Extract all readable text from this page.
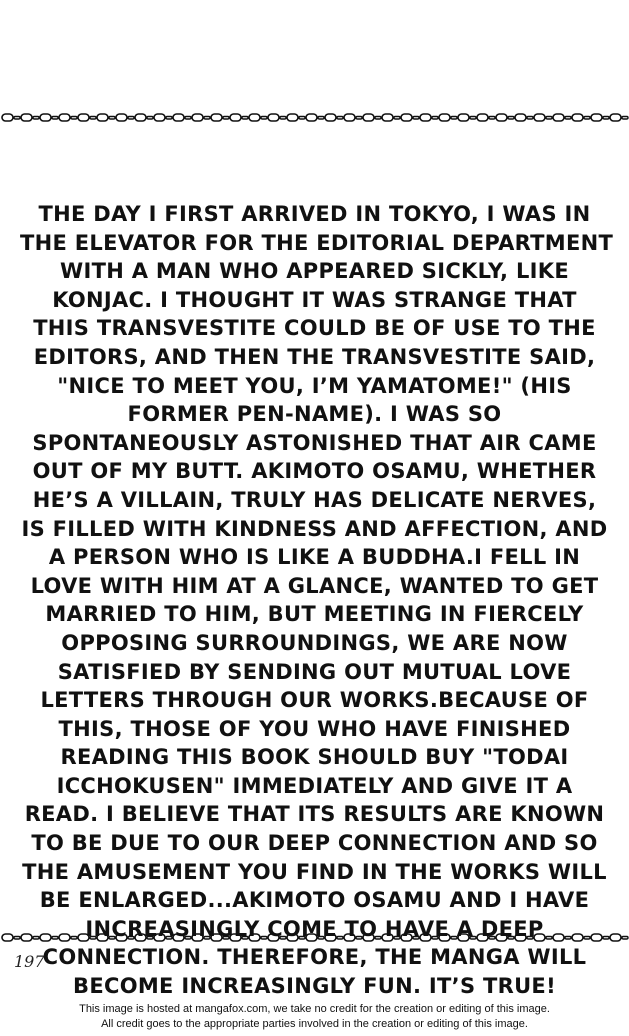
THE DAY I FIRST ARRIVED IN TOKYO, I WAS IN
THE ELEVATOR FOR THE EDITORIAL DEPARTMENT
WITH A MAN WHO APPEARED SICKLY, LIKE
KONJAC. I THOUGHT IT WAS STRANGE THAT
THIS TRANSVESTITE COULD BE OF USE TO THE
EDITORS, AND THEN THE TRANSVESTITE SAID,
"NICE TO MEET YOU, I’M YAMATOME!" (HIS
FORMER PEN-NAME). I WAS SO
SPONTANEOUSLY ASTONISHED THAT AIR CAME
OUT OF MY BUTT. AKIMOTO OSAMU, WHETHER
HE’S A VILLAIN, TRULY HAS DELICATE NERVES,
IS FILLED WITH KINDNESS AND AFFECTION, AND
A PERSON WHO IS LIKE A BUDDHA.I FELL IN
LOVE WITH HIM AT A GLANCE, WANTED TO GET
MARRIED TO HIM, BUT MEETING IN FIERCELY
OPPOSING SURROUNDINGS, WE ARE NOW
SATISFIED BY SENDING OUT MUTUAL LOVE
LETTERS THROUGH OUR WORKS.BECAUSE OF
THIS, THOSE OF YOU WHO HAVE FINISHED
READING THIS BOOK SHOULD BUY "TODAI
ICCHOKUSEN" IMMEDIATELY AND GIVE IT A
READ. I BELIEVE THAT ITS RESULTS ARE KNOWN
TO BE DUE TO OUR DEEP CONNECTION AND SO
THE AMUSEMENT YOU FIND IN THE WORKS WILL
BE ENLARGED...AKIMOTO OSAMU AND I HAVE
INCREASINGLY COME TO HAVE A DEEP
CONNECTION. THEREFORE, THE MANGA WILL
BECOME INCREASINGLY FUN. IT’S TRUE!
197
This image is hosted at mangafox.com, we take no credit for the creation or editing of this image.
All credit goes to the appropriate parties involved in the creation or editing of this image.
